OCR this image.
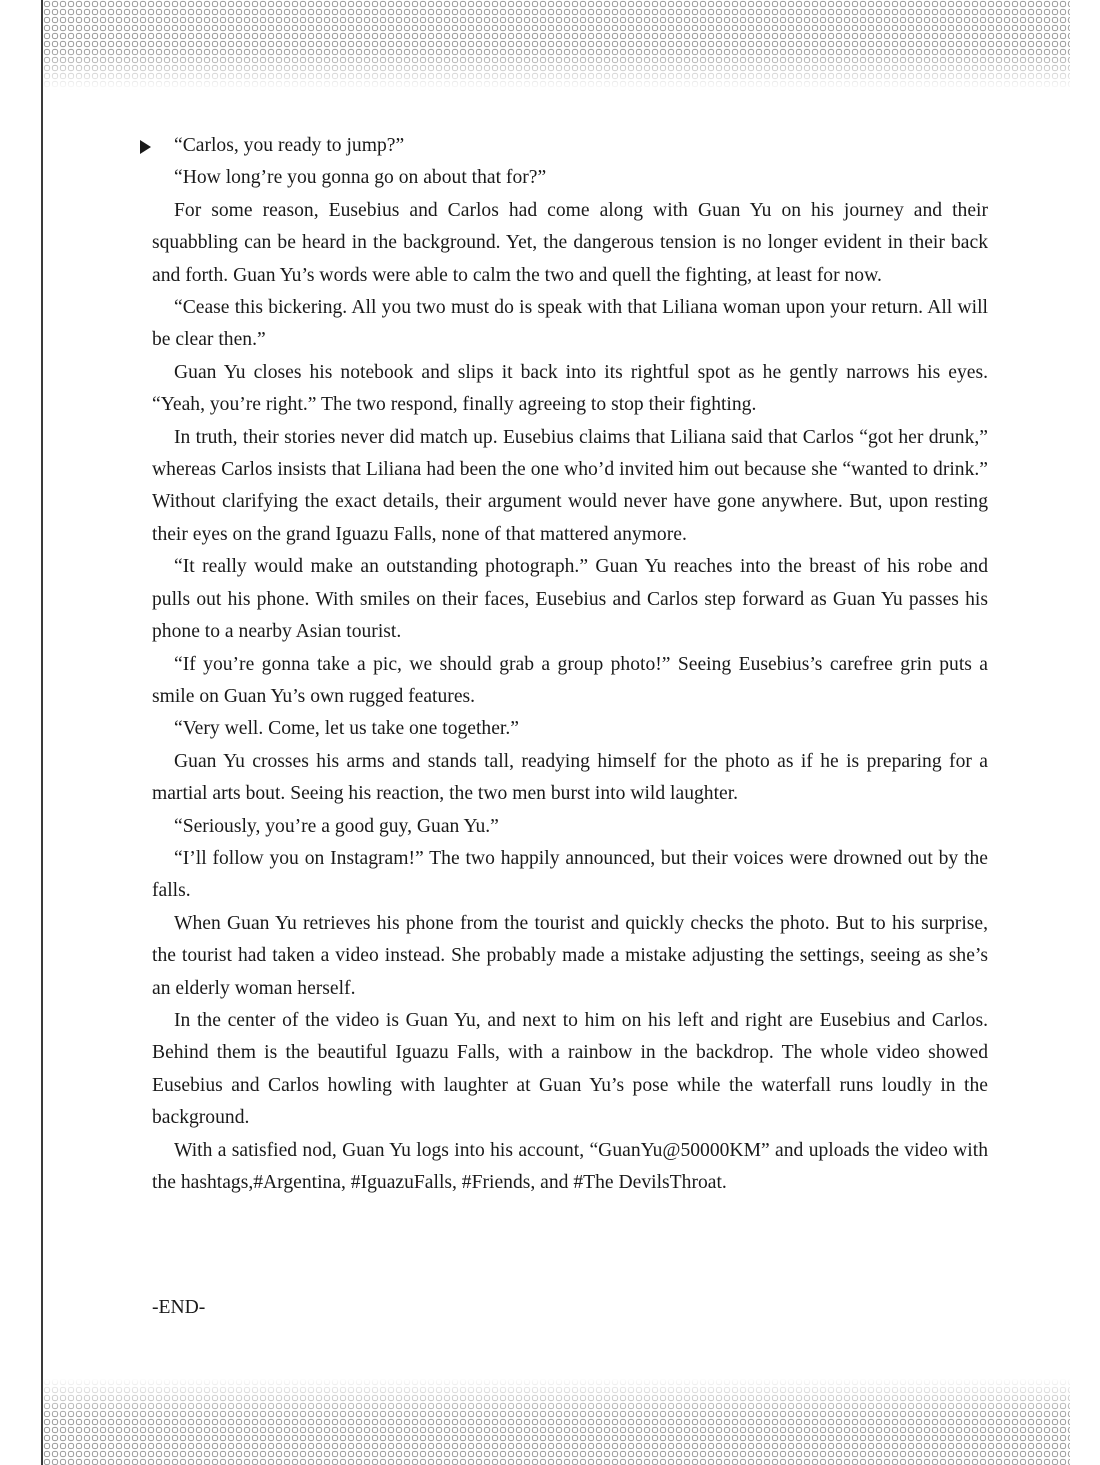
“Carlos, you ready to jump?”

“How long’re you gonna go on about that for?”

For some reason, Eusebius and Carlos had come along with Guan Yu on his journey and their squabbling can be heard in the background. Yet, the dangerous tension is no longer evident in their back and forth. Guan Yu’s words were able to calm the two and quell the fighting, at least for now.

“Cease this bickering. All you two must do is speak with that Liliana woman upon your return. All will be clear then.”

Guan Yu closes his notebook and slips it back into its rightful spot as he gently narrows his eyes. “Yeah, you’re right.” The two respond, finally agreeing to stop their fighting.

In truth, their stories never did match up. Eusebius claims that Liliana said that Carlos “got her drunk,” whereas Carlos insists that Liliana had been the one who’d invited him out because she “wanted to drink.” Without clarifying the exact details, their argument would never have gone anywhere. But, upon resting their eyes on the grand Iguazu Falls, none of that mattered anymore.

“It really would make an outstanding photograph.” Guan Yu reaches into the breast of his robe and pulls out his phone. With smiles on their faces, Eusebius and Carlos step forward as Guan Yu passes his phone to a nearby Asian tourist.

“If you’re gonna take a pic, we should grab a group photo!” Seeing Eusebius’s carefree grin puts a smile on Guan Yu’s own rugged features.

“Very well. Come, let us take one together.”

Guan Yu crosses his arms and stands tall, readying himself for the photo as if he is preparing for a martial arts bout. Seeing his reaction, the two men burst into wild laughter.

“Seriously, you’re a good guy, Guan Yu.”

“I’ll follow you on Instagram!” The two happily announced, but their voices were drowned out by the falls.

When Guan Yu retrieves his phone from the tourist and quickly checks the photo. But to his surprise, the tourist had taken a video instead. She probably made a mistake adjusting the settings, seeing as she’s an elderly woman herself.

In the center of the video is Guan Yu, and next to him on his left and right are Eusebius and Carlos. Behind them is the beautiful Iguazu Falls, with a rainbow in the backdrop. The whole video showed Eusebius and Carlos howling with laughter at Guan Yu’s pose while the waterfall runs loudly in the background.

With a satisfied nod, Guan Yu logs into his account, “GuanYu@50000KM” and uploads the video with the hashtags,#Argentina, #IguazuFalls, #Friends, and #The DevilsThroat.

-END-
